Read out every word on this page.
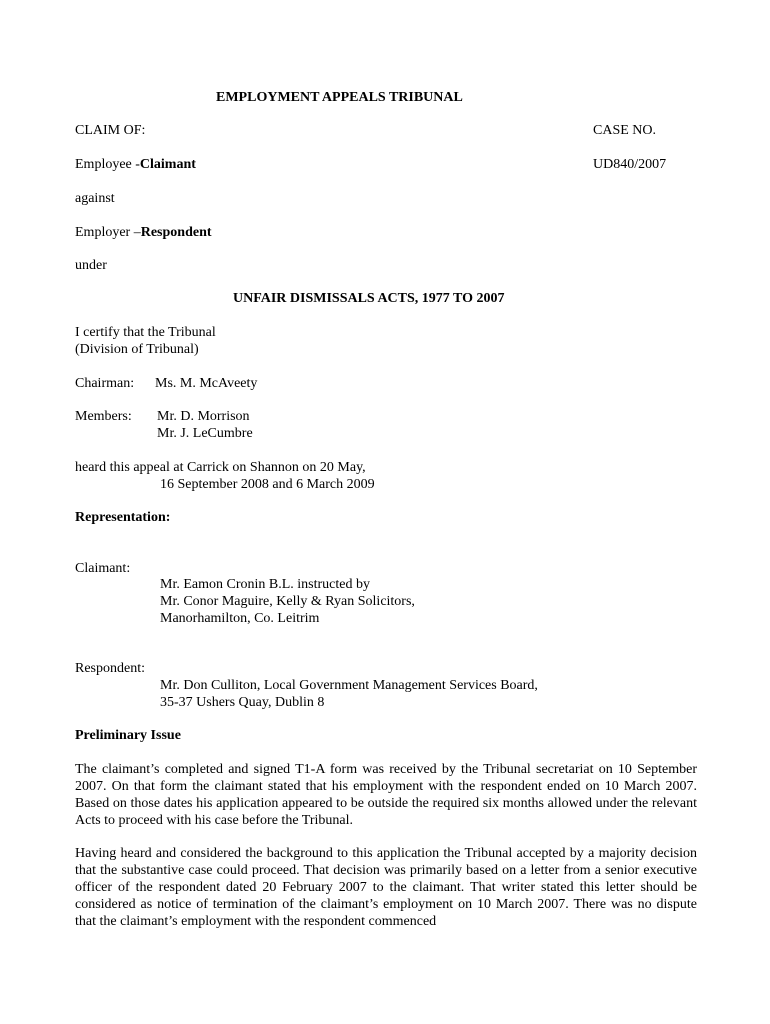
EMPLOYMENT APPEALS TRIBUNAL
CLAIM OF:	CASE NO.
Employee -Claimant	UD840/2007
against
Employer –Respondent
under
UNFAIR DISMISSALS ACTS, 1977 TO 2007
I certify that the Tribunal
(Division of Tribunal)
Chairman: Ms. M. McAveety
Members: Mr. D. Morrison
Mr. J. LeCumbre
heard this appeal at Carrick on Shannon on 20 May,
16 September 2008 and 6 March 2009
Representation:
Claimant:
Mr. Eamon Cronin B.L. instructed by
Mr. Conor Maguire, Kelly & Ryan Solicitors,
Manorhamilton, Co. Leitrim
Respondent:
Mr. Don Culliton, Local Government Management Services Board,
35-37 Ushers Quay, Dublin 8
Preliminary Issue
The claimant’s completed and signed T1-A form was received by the Tribunal secretariat on 10 September 2007. On that form the claimant stated that his employment with the respondent ended on 10 March 2007. Based on those dates his application appeared to be outside the required six months allowed under the relevant Acts to proceed with his case before the Tribunal.
Having heard and considered the background to this application the Tribunal accepted by a majority decision that the substantive case could proceed. That decision was primarily based on a letter from a senior executive officer of the respondent dated 20 February 2007 to the claimant. That writer stated this letter should be considered as notice of termination of the claimant’s employment on 10 March 2007. There was no dispute that the claimant’s employment with the respondent commenced
